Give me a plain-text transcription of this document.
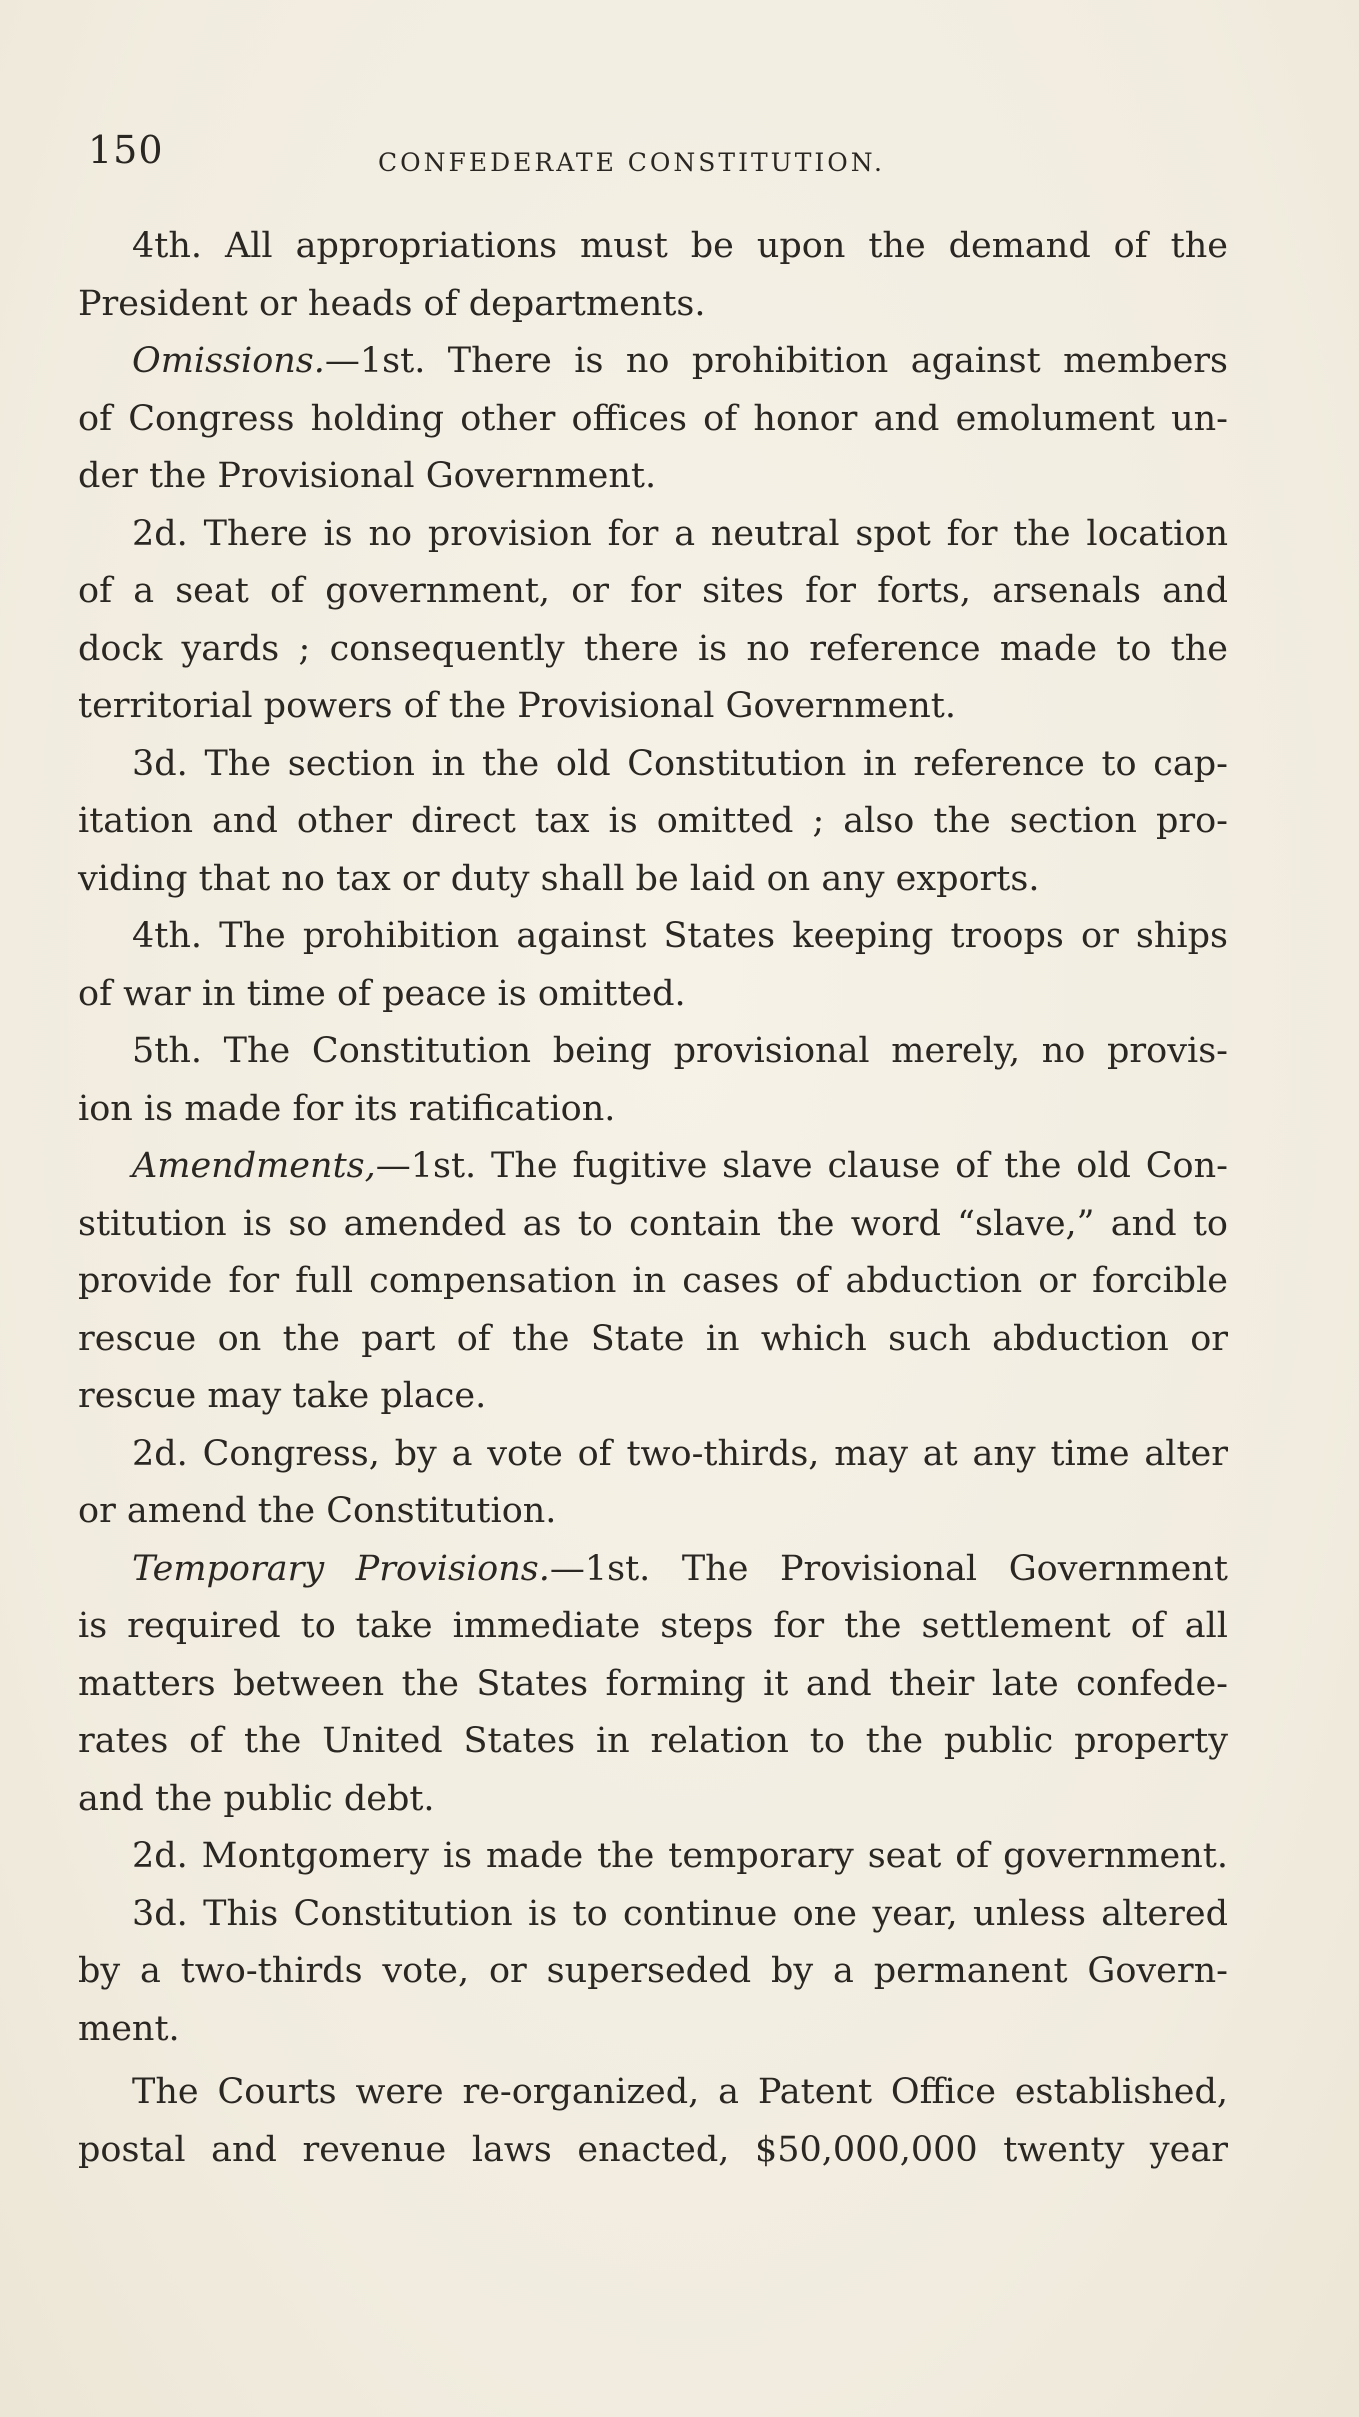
150	CONFEDERATE CONSTITUTION.
4th. All appropriations must be upon the demand of the
President or heads of departments.
Omissions.—1st. There is no prohibition against members
of Congress holding other offices of honor and emolument un-
der the Provisional Government.
2d. There is no provision for a neutral spot for the location
of a seat of government, or for sites for forts, arsenals and
dock yards ; consequently there is no reference made to the
territorial powers of the Provisional Government.
3d. The section in the old Constitution in reference to cap-
itation and other direct tax is omitted ; also the section pro-
viding that no tax or duty shall be laid on any exports.
4th. The prohibition against States keeping troops or ships
of war in time of peace is omitted.
5th. The Constitution being provisional merely, no provis-
ion is made for its ratification.
Amendments,—1st. The fugitive slave clause of the old Con-
stitution is so amended as to contain the word “slave,” and to
provide for full compensation in cases of abduction or forcible
rescue on the part of the State in which such abduction or
rescue may take place.
2d. Congress, by a vote of two-thirds, may at any time alter
or amend the Constitution.
Temporary Provisions.—1st. The Provisional Government
is required to take immediate steps for the settlement of all
matters between the States forming it and their late confede-
rates of the United States in relation to the public property
and the public debt.
2d. Montgomery is made the temporary seat of government.
3d. This Constitution is to continue one year, unless altered
by a two-thirds vote, or superseded by a permanent Govern-
ment.
The Courts were re-organized, a Patent Office established,
postal and revenue laws enacted, $50,000,000 twenty year
